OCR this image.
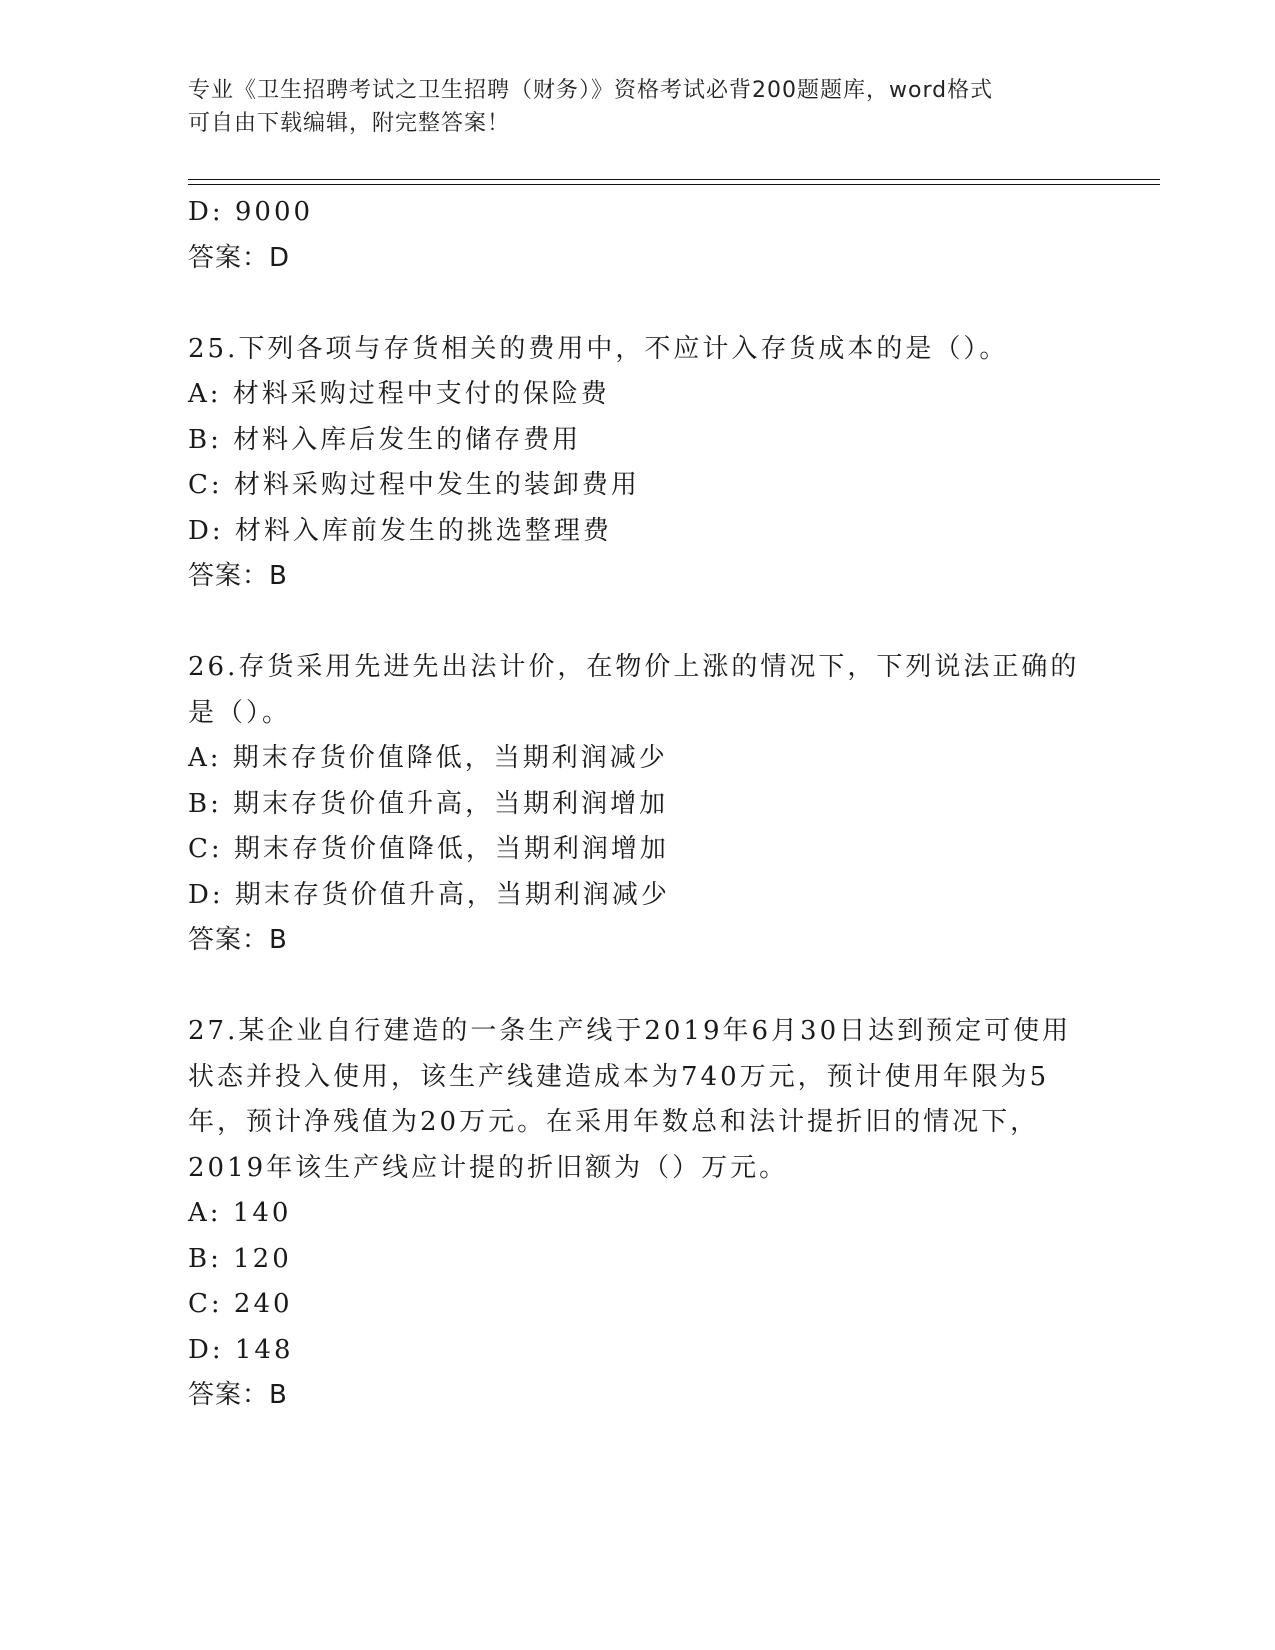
专业《卫生招聘考试之卫生招聘（财务）》资格考试必背200题题库，word格式
可自由下载编辑，附完整答案！
D: 9000
答案：D
25.下列各项与存货相关的费用中，不应计入存货成本的是（）。
A: 材料采购过程中支付的保险费
B: 材料入库后发生的储存费用
C: 材料采购过程中发生的装卸费用
D: 材料入库前发生的挑选整理费
答案：B
26.存货采用先进先出法计价，在物价上涨的情况下，下列说法正确的
是（）。
A: 期末存货价值降低，当期利润减少
B: 期末存货价值升高，当期利润增加
C: 期末存货价值降低，当期利润增加
D: 期末存货价值升高，当期利润减少
答案：B
27.某企业自行建造的一条生产线于2019年6月30日达到预定可使用
状态并投入使用，该生产线建造成本为740万元，预计使用年限为5
年，预计净残值为20万元。在采用年数总和法计提折旧的情况下，
2019年该生产线应计提的折旧额为（）万元。
A: 140
B: 120
C: 240
D: 148
答案：B
